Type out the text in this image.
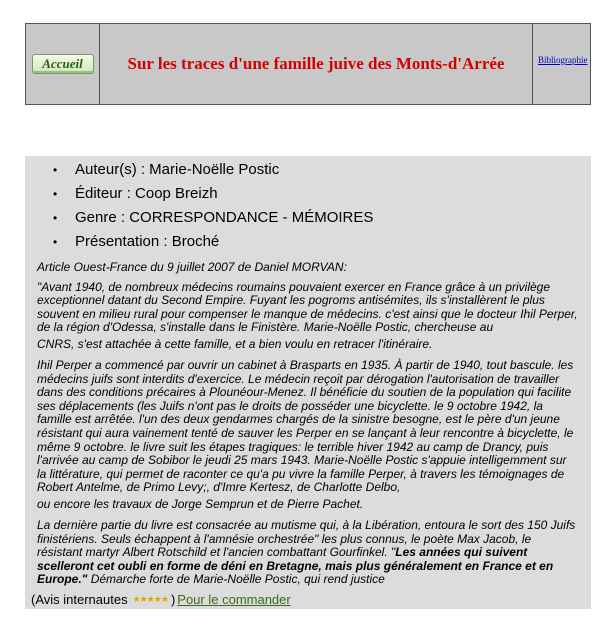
Accueil	Sur les traces d'une famille juive des Monts-d'Arrée	Bibliographie
•	Auteur(s) : Marie-Noëlle Postic
•	Éditeur : Coop Breizh
•	Genre : CORRESPONDANCE - MÉMOIRES
•	Présentation : Broché

Article Ouest-France du 9 juillet 2007 de Daniel MORVAN:

"Avant 1940, de nombreux médecins roumains pouvaient exercer en France grâce à un privilège exceptionnel datant du Second Empire. Fuyant les pogroms antisémites, ils s'installèrent le plus souvent en milieu rural pour compenser le manque de médecins. c'est ainsi que le docteur Ihil Perper, de la région d'Odessa, s'installe dans le Finistère. Marie-Noëlle Postic, chercheuse au
CNRS, s'est attachée à cette famille, et a bien voulu en retracer l'itinéraire.

Ihil Perper a commencé par ouvrir un cabinet à Brasparts en 1935. À partir de 1940, tout bascule. les médecins juifs sont interdits d'exercice. Le médecin reçoit par dérogation l'autorisation de travailler dans des conditions précaires à Plounéour-Menez. Il bénéficie du soutien de la population qui facilite ses déplacements (les Juifs n'ont pas le droits de posséder une bicyclette. le 9 octobre 1942, la famille est arrêtée. l'un des deux gendarmes chargés de la sinistre besogne, est le père d'un jeune résistant qui aura vainement tenté de sauver les Perper en se lançant à leur rencontre à bicyclette, le même 9 octobre. le livre suit les étapes tragiques: le terrible hiver 1942 au camp de Drancy, puis l'arrivée au camp de Sobibor le jeudi 25 mars 1943. Marie-Noëlle Postic s'appuie intelligemment sur la littérature, qui permet de raconter ce qu'a pu vivre la famille Perper, à travers les témoignages de Robert Antelme, de Primo Levy;, d'Imre Kertesz, de Charlotte Delbo,
ou encore les travaux de Jorge Semprun et de Pierre Pachet.

La dernière partie du livre est consacrée au mutisme qui, à la Libération, entoura le sort des 150 Juifs finistériens. Seuls échappent à l'amnésie orchestrée" les plus connus, le poète Max Jacob, le résistant martyr Albert Rotschild et l'ancien combattant Gourfinkel. "Les années qui suivent scelleront cet oubli en forme de déni en Bretagne, mais plus généralement en France et en Europe." Démarche forte de Marie-Noëlle Postic, qui rend justice

(Avis internautes ★★★★★ ) Pour le commander
